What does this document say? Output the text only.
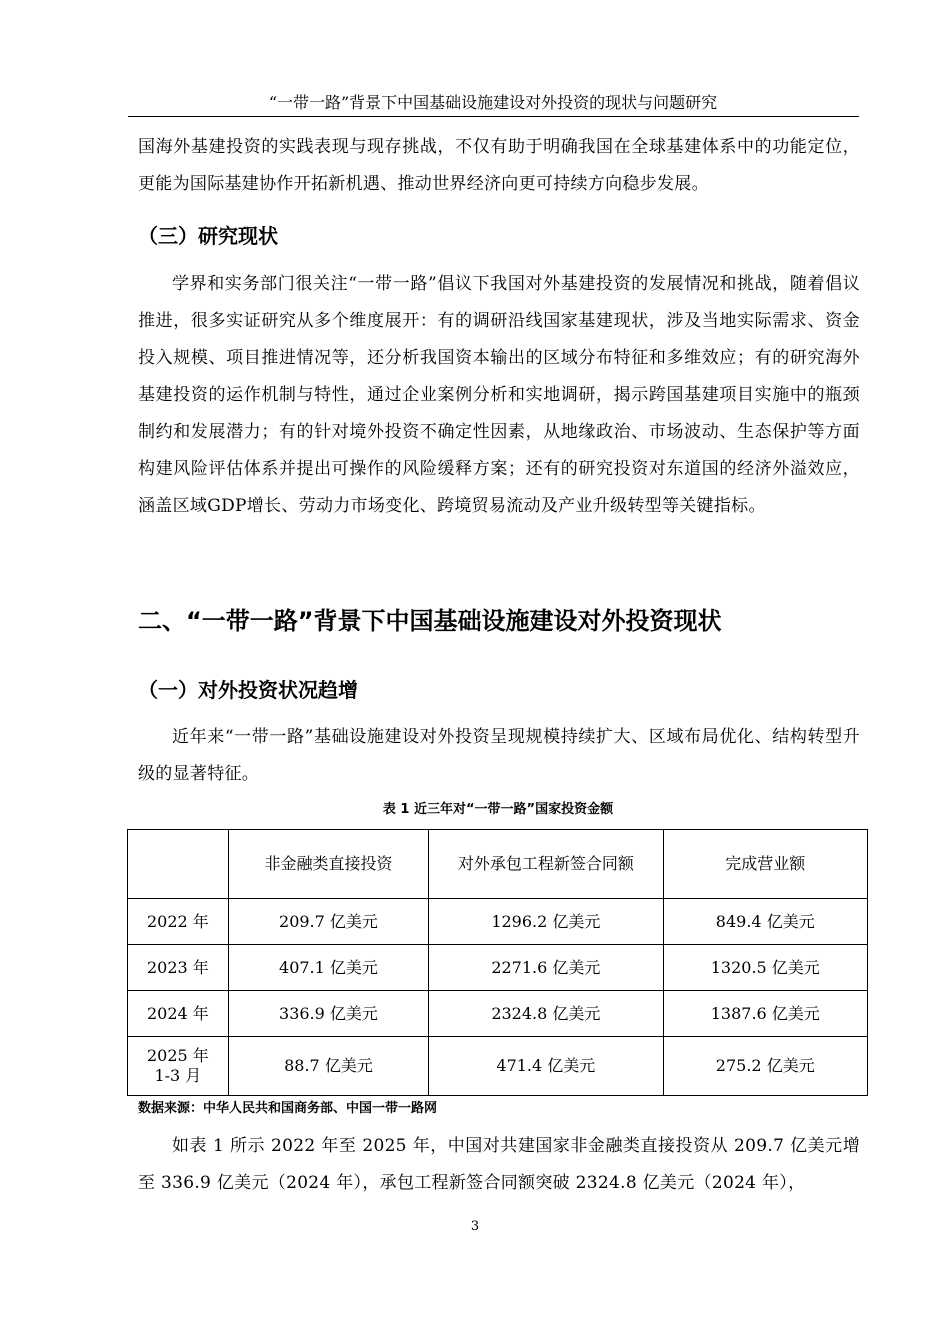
“一带一路”背景下中国基础设施建设对外投资的现状与问题研究

国海外基建投资的实践表现与现存挑战，不仅有助于明确我国在全球基建体系中的功能定位，更能为国际基建协作开拓新机遇、推动世界经济向更可持续方向稳步发展。

（三）研究现状

学界和实务部门很关注“一带一路”倡议下我国对外基建投资的发展情况和挑战，随着倡议推进，很多实证研究从多个维度展开：有的调研沿线国家基建现状，涉及当地实际需求、资金投入规模、项目推进情况等，还分析我国资本输出的区域分布特征和多维效应；有的研究海外基建投资的运作机制与特性，通过企业案例分析和实地调研，揭示跨国基建项目实施中的瓶颈制约和发展潜力；有的针对境外投资不确定性因素，从地缘政治、市场波动、生态保护等方面构建风险评估体系并提出可操作的风险缓释方案；还有的研究投资对东道国的经济外溢效应，涵盖区域GDP增长、劳动力市场变化、跨境贸易流动及产业升级转型等关键指标。

二、“一带一路”背景下中国基础设施建设对外投资现状
（一）对外投资状况趋增

近年来“一带一路”基础设施建设对外投资呈现规模持续扩大、区域布局优化、结构转型升级的显著特征。

表 1 近三年对“一带一路”国家投资金额
	非金融类直接投资	对外承包工程新签合同额	完成营业额
2022 年	209.7 亿美元	1296.2 亿美元	849.4 亿美元
2023 年	407.1 亿美元	2271.6 亿美元	1320.5 亿美元
2024 年	336.9 亿美元	2324.8 亿美元	1387.6 亿美元
2025 年
1-3 月	88.7 亿美元	471.4 亿美元	275.2 亿美元
数据来源：中华人民共和国商务部、中国一带一路网

如表 1 所示 2022 年至 2025 年，中国对共建国家非金融类直接投资从 209.7 亿美元增至 336.9 亿美元（2024 年），承包工程新签合同额突破 2324.8 亿美元（2024 年），

3
